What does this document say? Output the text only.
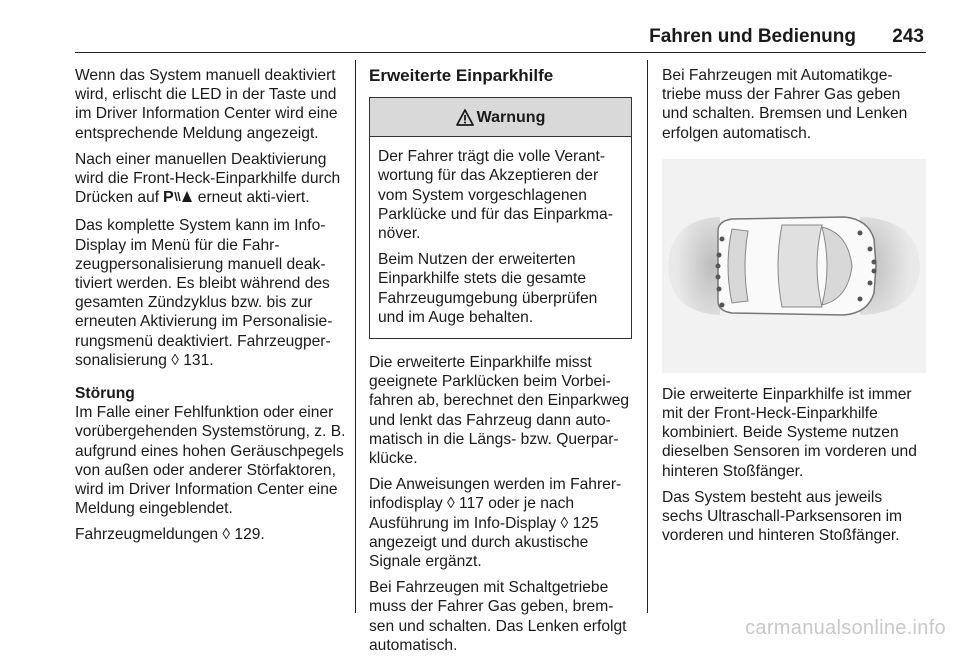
Fahren und Bedienung 243

Wenn das System manuell deaktiviert wird, erlischt die LED in der Taste und im Driver Information Center wird eine entsprechende Meldung angezeigt.

Nach einer manuellen Deaktivierung wird die Front-Heck-Einparkhilfe durch Drücken auf P erneut akti-viert.

Das komplette System kann im Info-Display im Menü für die Fahr-zeugpersonalisierung manuell deak-tiviert werden. Es bleibt während des gesamten Zündzyklus bzw. bis zur erneuten Aktivierung im Personalisie-rungsmenü deaktiviert. Fahrzeugper-sonalisierung ◊ 131.

Störung

Im Falle einer Fehlfunktion oder einer vorübergehenden Systemstörung, z. B. aufgrund eines hohen Geräuschpegels von außen oder anderer Störfaktoren, wird im Driver Information Center eine Meldung eingeblendet.

Fahrzeugmeldungen ◊ 129.

Erweiterte Einparkhilfe

Warnung

Der Fahrer trägt die volle Verant-wortung für das Akzeptieren der vom System vorgeschlagenen Parklücke und für das Einparkma-növer.

Beim Nutzen der erweiterten Einparkhilfe stets die gesamte Fahrzeugumgebung überprüfen und im Auge behalten.

Die erweiterte Einparkhilfe misst geeignete Parklücken beim Vorbei-fahren ab, berechnet den Einparkweg und lenkt das Fahrzeug dann auto-matisch in die Längs- bzw. Querpar-klücke.

Die Anweisungen werden im Fahrer-infodisplay ◊ 117 oder je nach Ausführung im Info-Display ◊ 125 angezeigt und durch akustische Signale ergänzt.

Bei Fahrzeugen mit Schaltgetriebe muss der Fahrer Gas geben, brem-sen und schalten. Das Lenken erfolgt automatisch.

Bei Fahrzeugen mit Automatikge-triebe muss der Fahrer Gas geben und schalten. Bremsen und Lenken erfolgen automatisch.

Die erweiterte Einparkhilfe ist immer mit der Front-Heck-Einparkhilfe kombiniert. Beide Systeme nutzen dieselben Sensoren im vorderen und hinteren Stoßfänger.

Das System besteht aus jeweils sechs Ultraschall-Parksensoren im vorderen und hinteren Stoßfänger.

carmanualsonline.info
